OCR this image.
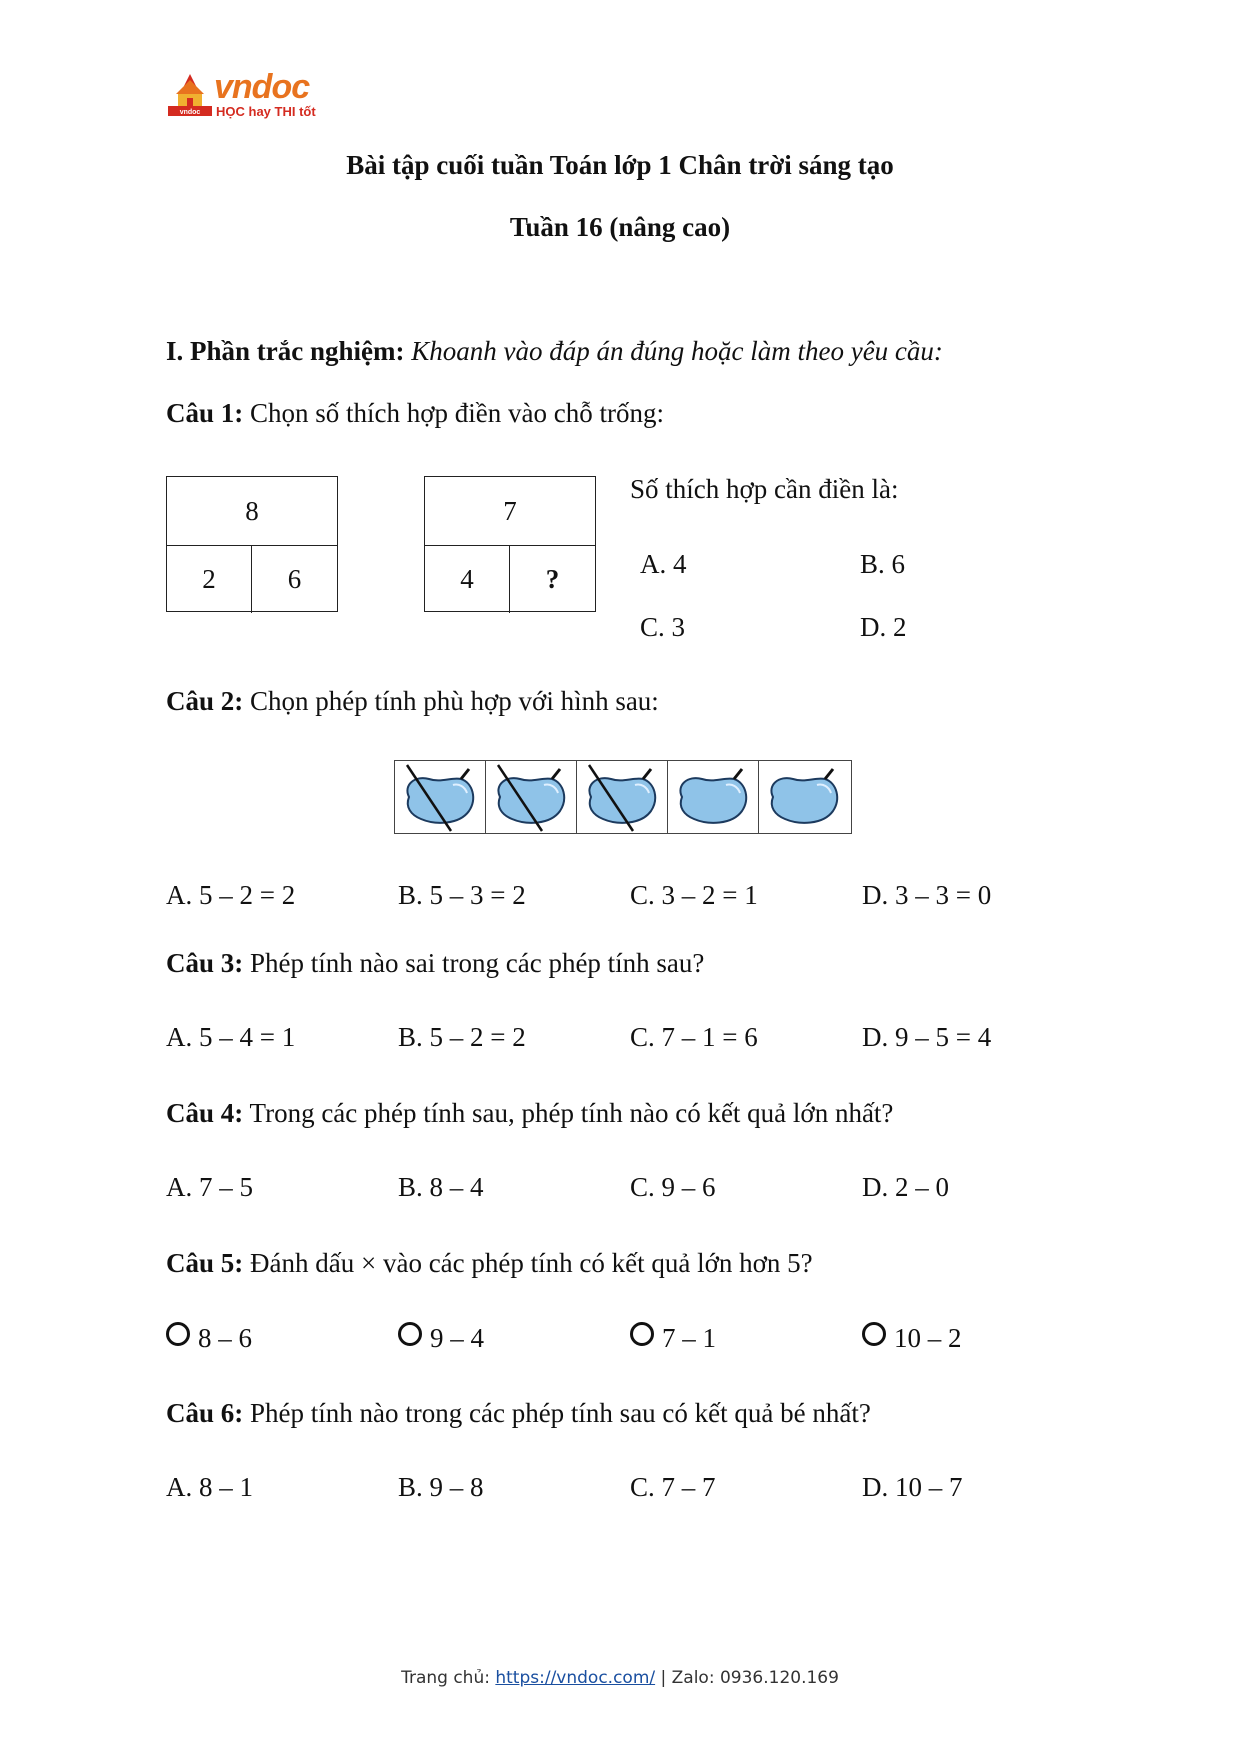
vndoc
vndoc
HỌC hay THI tốt
Bài tập cuối tuần Toán lớp 1 Chân trời sáng tạo
Tuần 16 (nâng cao)
I. Phần trắc nghiệm: Khoanh vào đáp án đúng hoặc làm theo yêu cầu:
Câu 1: Chọn số thích hợp điền vào chỗ trống:
8
2	6
7
4	?
Số thích hợp cần điền là:
A. 4	B. 6
C. 3	D. 2
Câu 2: Chọn phép tính phù hợp với hình sau:
A. 5 – 2 = 2	B. 5 – 3 = 2	C. 3 – 2 = 1	D. 3 – 3 = 0
Câu 3: Phép tính nào sai trong các phép tính sau?
A. 5 – 4 = 1	B. 5 – 2 = 2	C. 7 – 1 = 6	D. 9 – 5 = 4
Câu 4: Trong các phép tính sau, phép tính nào có kết quả lớn nhất?
A. 7 – 5	B. 8 – 4	C. 9 – 6	D. 2 – 0
Câu 5: Đánh dấu × vào các phép tính có kết quả lớn hơn 5?
8 – 6	9 – 4	7 – 1	10 – 2
Câu 6: Phép tính nào trong các phép tính sau có kết quả bé nhất?
A. 8 – 1	B. 9 – 8	C. 7 – 7	D. 10 – 7
Trang chủ: https://vndoc.com/ | Zalo: 0936.120.169
